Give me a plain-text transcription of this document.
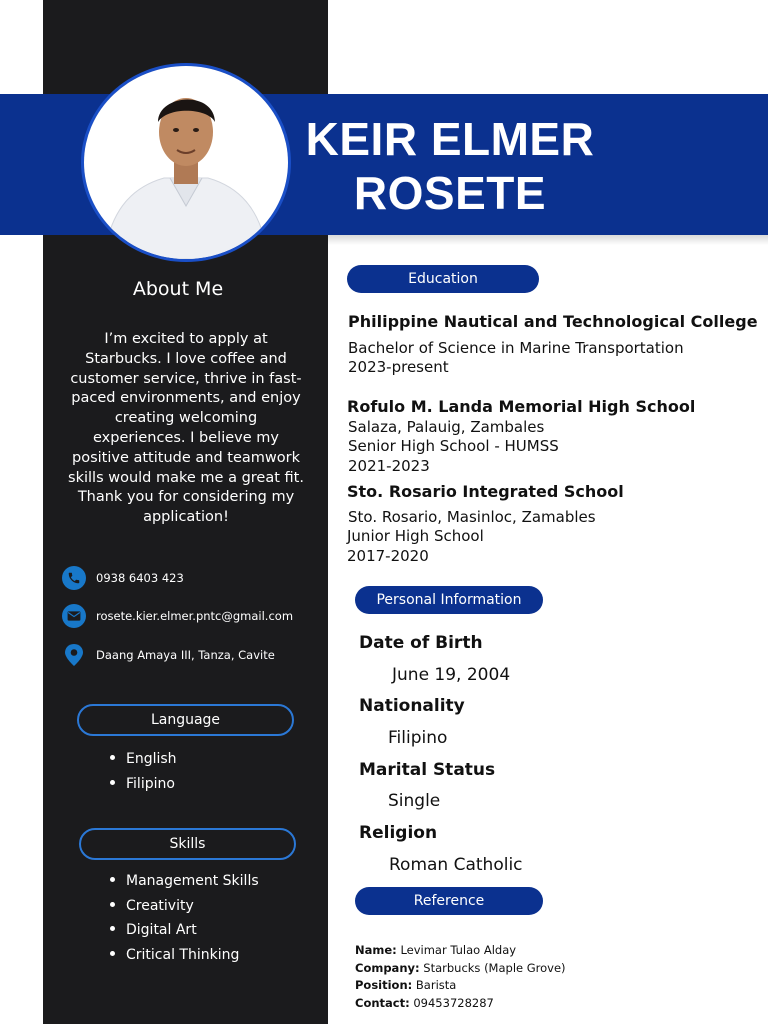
KEIR ELMER
ROSETE
About Me
I’m excited to apply at Starbucks. I love coffee and customer service, thrive in fast-paced environments, and enjoy creating welcoming experiences. I believe my positive attitude and teamwork skills would make me a great fit. Thank you for considering my application!
0938 6403 423
rosete.kier.elmer.pntc@gmail.com
Daang Amaya III, Tanza, Cavite
Language
English
Filipino
Skills
Management Skills
Creativity
Digital Art
Critical Thinking
Education
Philippine Nautical and Technological College
Bachelor of Science in Marine Transportation
2023-present
Rofulo M. Landa Memorial High School
Salaza, Palauig, Zambales
Senior High School - HUMSS
2021-2023
Sto. Rosario Integrated School
Sto. Rosario, Masinloc, Zamables
Junior High School
2017-2020
Personal Information
Date of Birth
June 19, 2004
Nationality
Filipino
Marital Status
Single
Religion
Roman Catholic
Reference
Name: Levimar Tulao Alday
Company: Starbucks (Maple Grove)
Position: Barista
Contact: 09453728287
